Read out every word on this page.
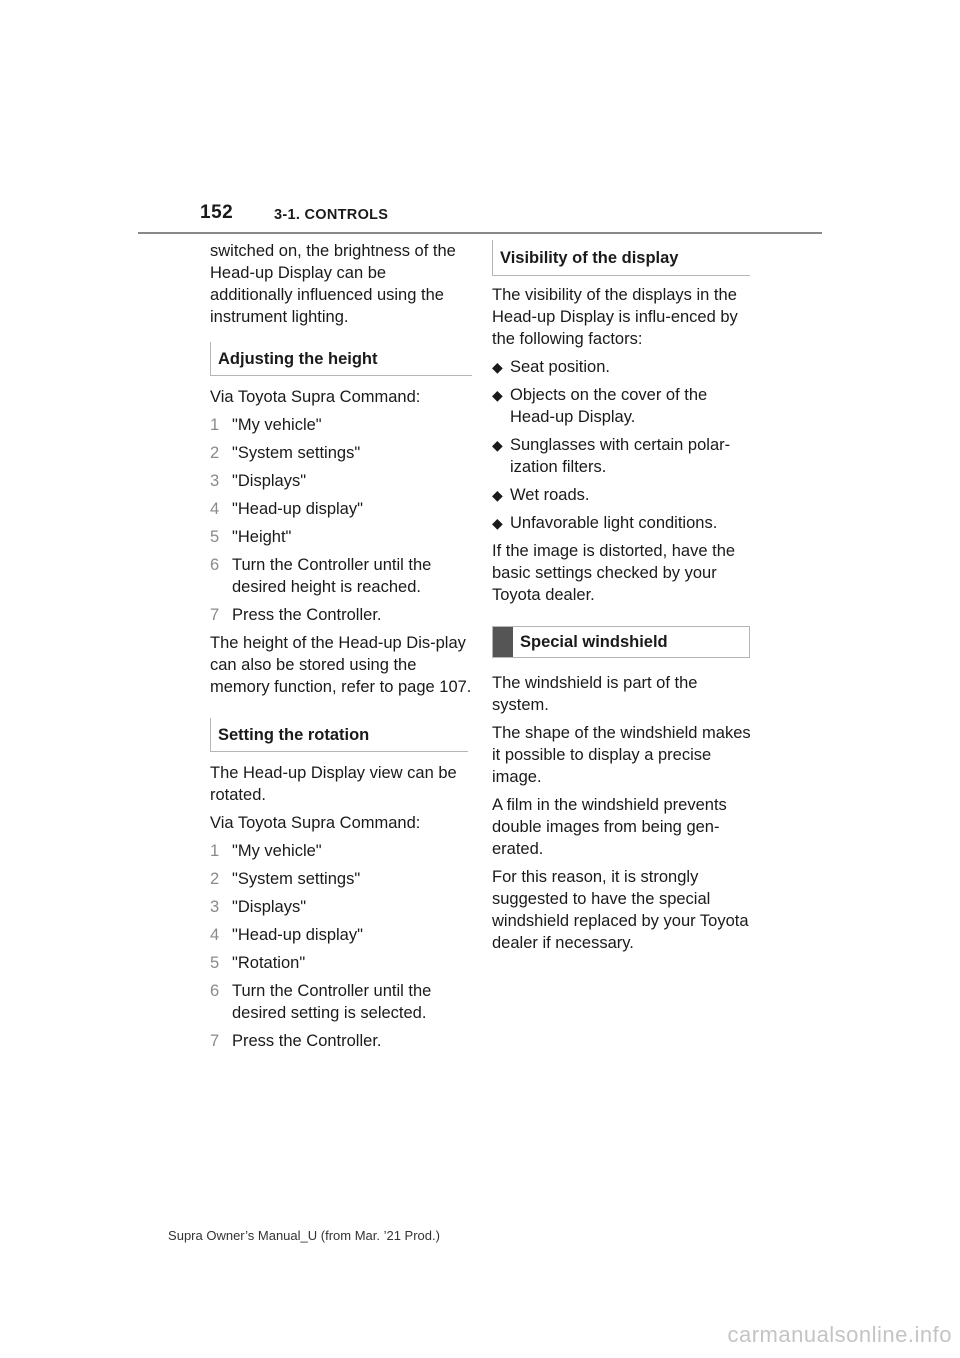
152	3-1. CONTROLS

switched on, the brightness of the Head-up Display can be additionally influenced using the instrument lighting.

Adjusting the height

Via Toyota Supra Command:

1 "My vehicle"
2 "System settings"
3 "Displays"
4 "Head-up display"
5 "Height"
6 Turn the Controller until the desired height is reached.
7 Press the Controller.

The height of the Head-up Dis-play can also be stored using the memory function, refer to page 107.

Setting the rotation

The Head-up Display view can be rotated.

Via Toyota Supra Command:

1 "My vehicle"
2 "System settings"
3 "Displays"
4 "Head-up display"
5 "Rotation"
6 Turn the Controller until the desired setting is selected.
7 Press the Controller.
Visibility of the display

The visibility of the displays in the Head-up Display is influ-enced by the following factors:

◆ Seat position.
◆ Objects on the cover of the Head-up Display.
◆ Sunglasses with certain polar-ization filters.
◆ Wet roads.
◆ Unfavorable light conditions.

If the image is distorted, have the basic settings checked by your Toyota dealer.

Special windshield

The windshield is part of the system.

The shape of the windshield makes it possible to display a precise image.

A film in the windshield prevents double images from being gen-erated.

For this reason, it is strongly suggested to have the special windshield replaced by your Toyota dealer if necessary.

Supra Owner’s Manual_U (from Mar. ’21 Prod.)
carmanualsonline.info
